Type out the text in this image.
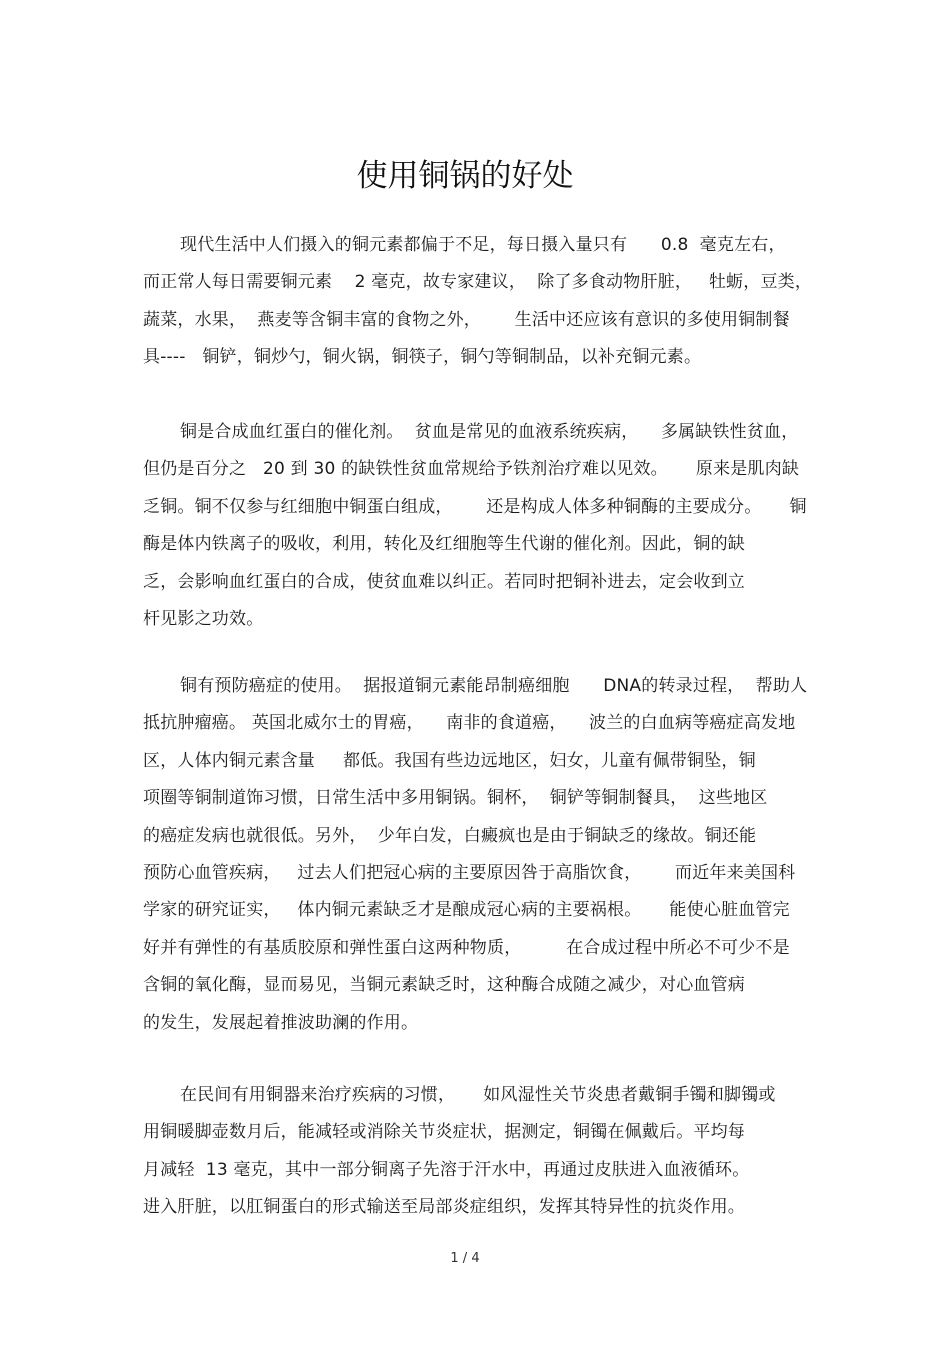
使用铜锅的好处
现代生活中人们摄入的铜元素都偏于不足，每日摄入量只有      0.8  毫克左右，
而正常人每日需要铜元素    2 毫克，故专家建议，  除了多食动物肝脏，   牡蛎，豆类，
蔬菜，水果，  燕麦等含铜丰富的食物之外，      生活中还应该有意识的多使用铜制餐
具----   铜铲，铜炒勺，铜火锅，铜筷子，铜勺等铜制品，以补充铜元素。
铜是合成血红蛋白的催化剂。  贫血是常见的血液系统疾病，    多属缺铁性贫血，
但仍是百分之   20 到 30 的缺铁性贫血常规给予铁剂治疗难以见效。     原来是肌肉缺
乏铜。铜不仅参与红细胞中铜蛋白组成，      还是构成人体多种铜酶的主要成分。     铜
酶是体内铁离子的吸收，利用，转化及红细胞等生代谢的催化剂。因此，铜的缺
乏，会影响血红蛋白的合成，使贫血难以纠正。若同时把铜补进去，定会收到立
杆见影之功效。
铜有预防癌症的使用。  据报道铜元素能昂制癌细胞      DNA的转录过程，  帮助人
抵抗肿瘤癌。 英国北威尔士的胃癌，    南非的食道癌，    波兰的白血病等癌症高发地
区，人体内铜元素含量     都低。我国有些边远地区，妇女，儿童有佩带铜坠，铜
项圈等铜制道饰习惯，日常生活中多用铜锅。铜杯，  铜铲等铜制餐具，  这些地区
的癌症发病也就很低。另外，  少年白发，白癜疯也是由于铜缺乏的缘故。铜还能
预防心血管疾病，   过去人们把冠心病的主要原因咎于高脂饮食，      而近年来美国科
学家的研究证实，   体内铜元素缺乏才是酿成冠心病的主要祸根。     能使心脏血管完
好并有弹性的有基质胶原和弹性蛋白这两种物质，        在合成过程中所必不可少不是
含铜的氧化酶，显而易见，当铜元素缺乏时，这种酶合成随之减少，对心血管病
的发生，发展起着推波助澜的作用。
在民间有用铜器来治疗疾病的习惯，     如风湿性关节炎患者戴铜手镯和脚镯或
用铜暖脚壶数月后，能减轻或消除关节炎症状，据测定，铜镯在佩戴后。平均每
月减轻  13 毫克，其中一部分铜离子先溶于汗水中，再通过皮肤进入血液循环。
进入肝脏，以肛铜蛋白的形式输送至局部炎症组织，发挥其特异性的抗炎作用。
1 / 4
